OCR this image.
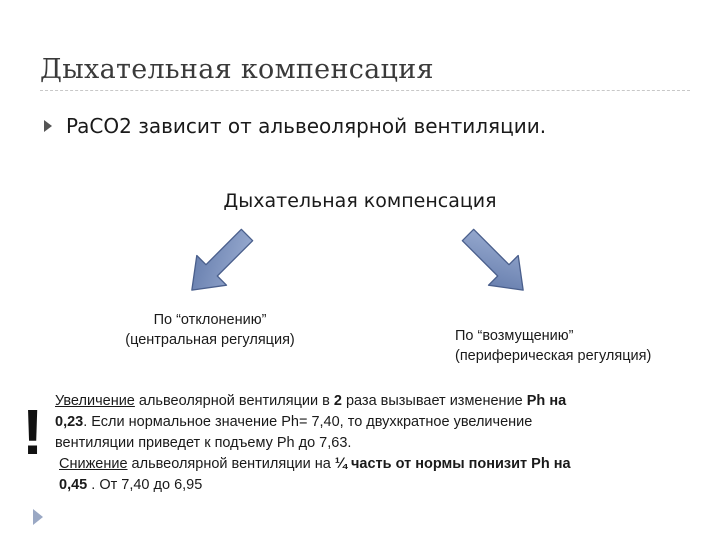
Дыхательная компенсация
PaCO2 зависит от альвеолярной вентиляции.
Дыхательная компенсация
По “отклонению”
(центральная регуляция)	По “возмущению”
(периферическая регуляция)
! Увеличение альвеолярной вентиляции в 2 раза вызывает изменение Ph на
0,23. Если нормальное значение Ph= 7,40, то двухкратное увеличение
вентиляции приведет к подъему Ph до 7,63.
Снижение альвеолярной вентиляции на ¼ часть от нормы понизит Ph на
0,45 . От 7,40 до 6,95
